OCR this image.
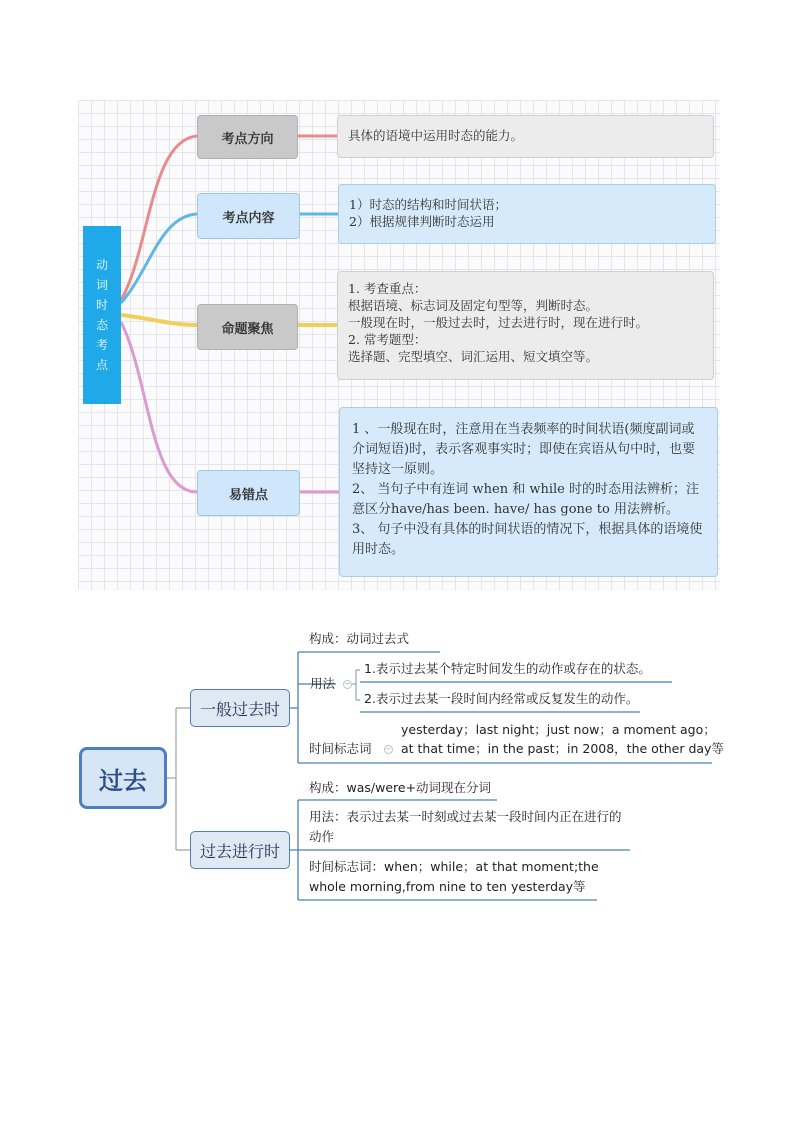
动词时态考点
考点方向	具体的语境中运用时态的能力。
考点内容
1）时态的结构和时间状语；
2）根据规律判断时态运用
命题聚焦
1. 考查重点：
根据语境、标志词及固定句型等，判断时态。
一般现在时，一般过去时，过去进行时，现在进行时。
2. 常考题型：
选择题、完型填空、词汇运用、短文填空等。
易错点
1 、一般现在时，注意用在当表频率的时间状语(频度副词或介词短语)时，表示客观事实时；即使在宾语从句中时，也要坚持这一原则。
2、 当句子中有连词 when 和 while 时的时态用法辨析；注意区分have/has been. have/ has gone to 用法辨析。
3、 句子中没有具体的时间状语的情况下，根据具体的语境使用时态。
过去
一般过去时
过去进行时
构成：动词过去式
用法 −
1.表示过去某个特定时间发生的动作或存在的状态。
2.表示过去某一段时间内经常或反复发生的动作。
时间标志词 −
yesterday；last night；just now；a moment ago；
at that time；in the past；in 2008，the other day等
构成：was/were+动词现在分词
用法：表示过去某一时刻或过去某一段时间内正在进行的
动作
时间标志词：when；while；at that moment;the
whole morning,from nine to ten yesterday等
